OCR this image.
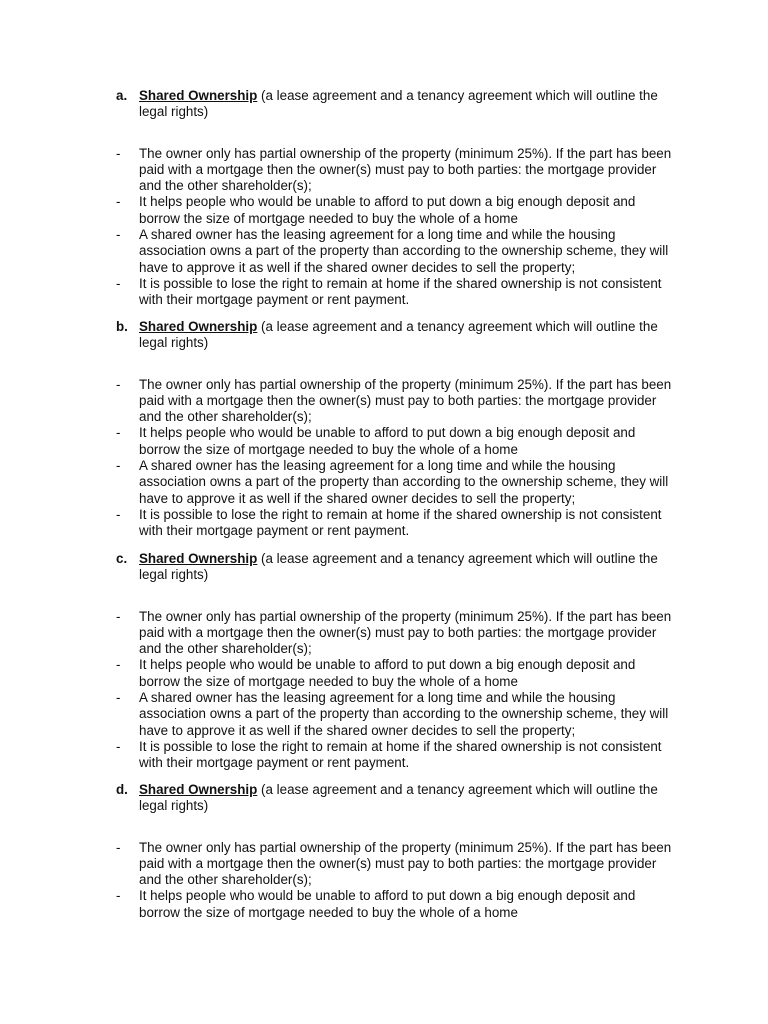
a. Shared Ownership (a lease agreement and a tenancy agreement which will outline the legal rights)

- The owner only has partial ownership of the property (minimum 25%). If the part has been paid with a mortgage then the owner(s) must pay to both parties: the mortgage provider and the other shareholder(s);
- It helps people who would be unable to afford to put down a big enough deposit and borrow the size of mortgage needed to buy the whole of a home
- A shared owner has the leasing agreement for a long time and while the housing association owns a part of the property than according to the ownership scheme, they will have to approve it as well if the shared owner decides to sell the property;
- It is possible to lose the right to remain at home if the shared ownership is not consistent with their mortgage payment or rent payment.

b. Shared Ownership (a lease agreement and a tenancy agreement which will outline the legal rights)

- The owner only has partial ownership of the property (minimum 25%). If the part has been paid with a mortgage then the owner(s) must pay to both parties: the mortgage provider and the other shareholder(s);
- It helps people who would be unable to afford to put down a big enough deposit and borrow the size of mortgage needed to buy the whole of a home
- A shared owner has the leasing agreement for a long time and while the housing association owns a part of the property than according to the ownership scheme, they will have to approve it as well if the shared owner decides to sell the property;
- It is possible to lose the right to remain at home if the shared ownership is not consistent with their mortgage payment or rent payment.

c. Shared Ownership (a lease agreement and a tenancy agreement which will outline the legal rights)

- The owner only has partial ownership of the property (minimum 25%). If the part has been paid with a mortgage then the owner(s) must pay to both parties: the mortgage provider and the other shareholder(s);
- It helps people who would be unable to afford to put down a big enough deposit and borrow the size of mortgage needed to buy the whole of a home
- A shared owner has the leasing agreement for a long time and while the housing association owns a part of the property than according to the ownership scheme, they will have to approve it as well if the shared owner decides to sell the property;
- It is possible to lose the right to remain at home if the shared ownership is not consistent with their mortgage payment or rent payment.

d. Shared Ownership (a lease agreement and a tenancy agreement which will outline the legal rights)

- The owner only has partial ownership of the property (minimum 25%). If the part has been paid with a mortgage then the owner(s) must pay to both parties: the mortgage provider and the other shareholder(s);
- It helps people who would be unable to afford to put down a big enough deposit and borrow the size of mortgage needed to buy the whole of a home
